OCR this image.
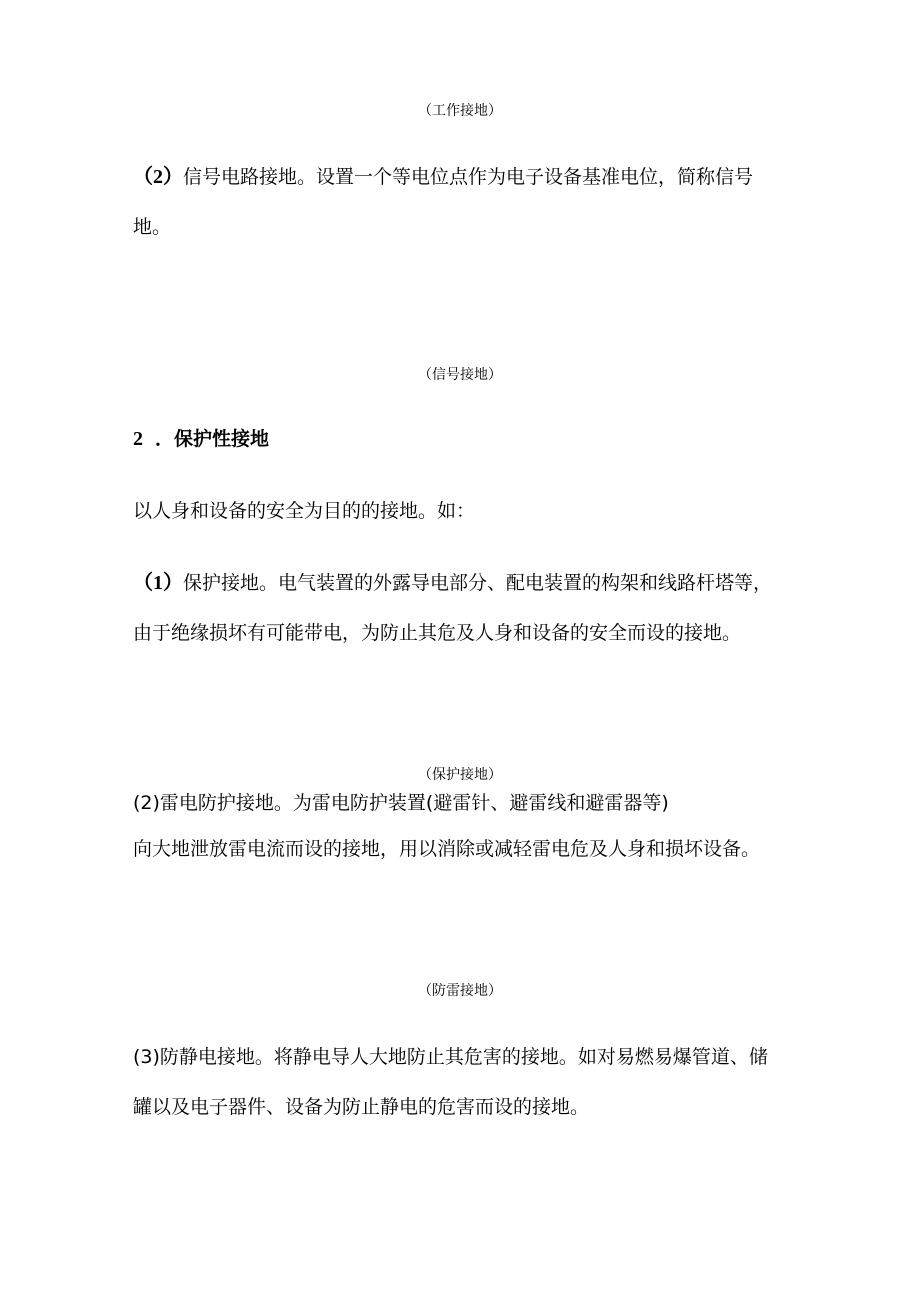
（工作接地）
（2）信号电路接地。设置一个等电位点作为电子设备基准电位，简称信号
地。
（信号接地）
2 ．保护性接地
以人身和设备的安全为目的的接地。如：
（1）保护接地。电气装置的外露导电部分、配电装置的构架和线路杆塔等，
由于绝缘损坏有可能带电，为防止其危及人身和设备的安全而设的接地。
（保护接地）
(2)雷电防护接地。为雷电防护装置(避雷针、避雷线和避雷器等)
向大地泄放雷电流而设的接地，用以消除或减轻雷电危及人身和损坏设备。
（防雷接地）
(3)防静电接地。将静电导人大地防止其危害的接地。如对易燃易爆管道、储
罐以及电子器件、设备为防止静电的危害而设的接地。
